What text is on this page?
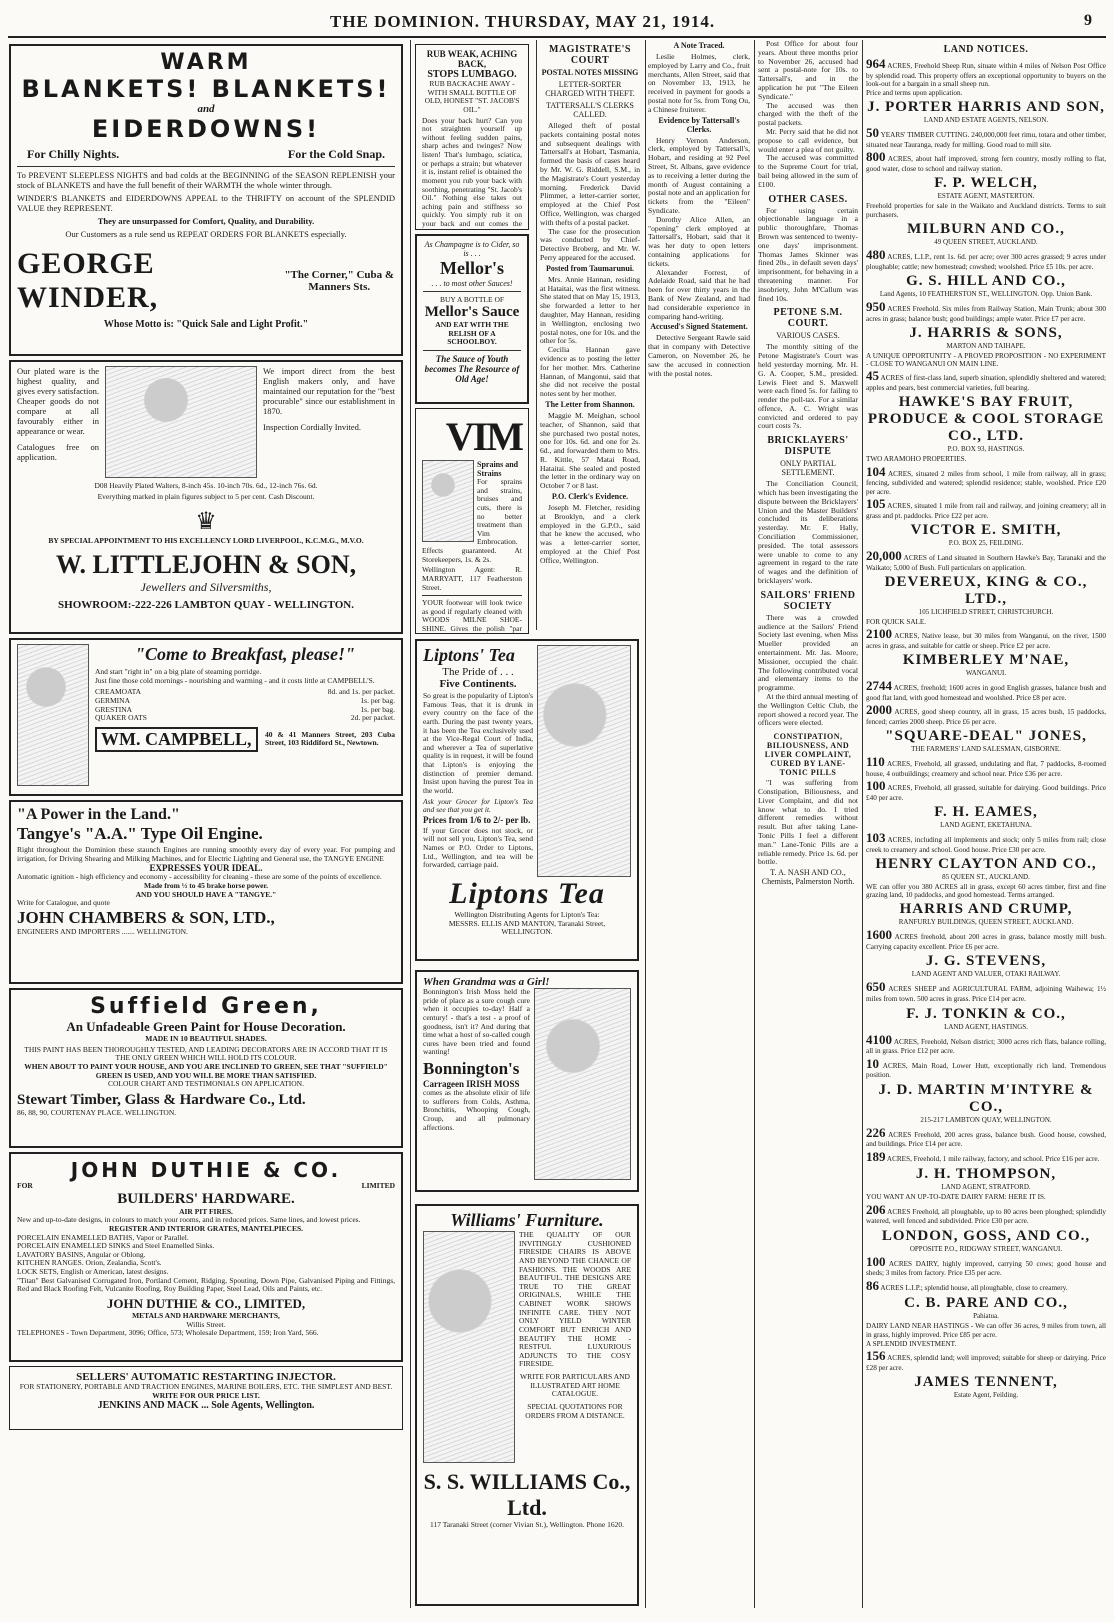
THE DOMINION. THURSDAY, MAY 21, 1914.	9
WARM
BLANKETS! BLANKETS!
and
EIDERDOWNS!
For Chilly Nights.	For the Cold Snap.
To PREVENT SLEEPLESS NIGHTS and bad colds at the BEGINNING of the SEASON REPLENISH your stock of BLANKETS and have the full benefit of their WARMTH the whole winter through.
WINDER'S BLANKETS and EIDERDOWNS APPEAL to the THRIFTY on account of the SPLENDID VALUE they REPRESENT.
They are unsurpassed for Comfort, Quality, and Durability.
Our Customers as a rule send us REPEAT ORDERS FOR BLANKETS especially.
GEORGE WINDER,
"The Corner," Cuba & Manners Sts.
Whose Motto is: "Quick Sale and Light Profit."
Our plated ware is the highest quality, and gives every satisfaction. Cheaper goods do not compare at all favourably either in appearance or wear.
Catalogues free on application.
We import direct from the best English makers only, and have maintained our reputation for the "best procurable" since our establishment in 1870.
Inspection Cordially Invited.
D08 Heavily Plated Walters, 8-inch 45s. 10-inch 70s. 6d., 12-inch 76s. 6d.
Everything marked in plain figures subject to 5 per cent. Cash Discount.
♛
BY SPECIAL APPOINTMENT TO HIS EXCELLENCY LORD LIVERPOOL, K.C.M.G., M.V.O.
W. LITTLEJOHN & SON,
Jewellers and Silversmiths,
SHOWROOM:-222-226 LAMBTON QUAY - WELLINGTON.
"Come to Breakfast, please!"
And start "right in" on a big plate of steaming porridge.
Just fine those cold mornings - nourishing and warming - and it costs little at CAMPBELL'S.
CREAMOATA	8d. and 1s. per packet.
GERMINA	1s. per bag.
GRESTINA	1s. per bag.
QUAKER OATS	2d. per packet.
WM. CAMPBELL,	40 & 41 Manners Street, 203 Cuba Street, 103 Riddiford St., Newtown.
"A Power in the Land."
Tangye's "A.A." Type Oil Engine.
Right throughout the Dominion these staunch Engines are running smoothly every day of every year. For pumping and irrigation, for Driving Shearing and Milking Machines, and for Electric Lighting and General use, the TANGYE ENGINE
EXPRESSES YOUR IDEAL.
Automatic ignition - high efficiency and economy - accessibility for cleaning - these are some of the points of excellence.
Made from ½ to 45 brake horse power.
AND YOU SHOULD HAVE A "TANGYE."
Write for Catalogue, and quote
JOHN CHAMBERS & SON, LTD.,
ENGINEERS AND IMPORTERS ....... WELLINGTON.
Suffield Green,
An Unfadeable Green Paint for House Decoration.
MADE IN 10 BEAUTIFUL SHADES.
THIS PAINT HAS BEEN THOROUGHLY TESTED, AND LEADING DECORATORS ARE IN ACCORD THAT IT IS THE ONLY GREEN WHICH WILL HOLD ITS COLOUR.
WHEN ABOUT TO PAINT YOUR HOUSE, AND YOU ARE INCLINED TO GREEN, SEE THAT "SUFFIELD" GREEN IS USED, AND YOU WILL BE MORE THAN SATISFIED.
COLOUR CHART AND TESTIMONIALS ON APPLICATION.
Stewart Timber, Glass & Hardware Co., Ltd.
86, 88, 90, COURTENAY PLACE. WELLINGTON.
JOHN DUTHIE & CO.
FOR	LIMITED
BUILDERS' HARDWARE.
AIR PIT FIRES.
New and up-to-date designs, in colours to match your rooms, and in reduced prices. Same lines, and lowest prices.
REGISTER AND INTERIOR GRATES, MANTELPIECES.
PORCELAIN ENAMELLED BATHS, Vapor or Parallel.
PORCELAIN ENAMELLED SINKS and Steel Enamelled Sinks.
LAVATORY BASINS, Angular or Oblong.
KITCHEN RANGES. Orion, Zealandia, Scott's.
LOCK SETS, English or American, latest designs.
"Titan" Best Galvanised Corrugated Iron, Portland Cement, Ridging, Spouting, Down Pipe, Galvanised Piping and Fittings, Red and Black Roofing Felt, Vulcanite Roofing, Roy Building Paper, Steel Lead, Oils and Paints, etc.
JOHN DUTHIE & CO., LIMITED,
METALS AND HARDWARE MERCHANTS,
Willis Street.
TELEPHONES - Town Department, 3096; Office, 573; Wholesale Department, 159; Iron Yard, 566.
SELLERS' AUTOMATIC RESTARTING INJECTOR.
FOR STATIONERY, PORTABLE AND TRACTION ENGINES, MARINE BOILERS, ETC. THE SIMPLEST AND BEST.
WRITE FOR OUR PRICE LIST.
JENKINS AND MACK ... Sole Agents, Wellington.
RUB WEAK, ACHING BACK,
STOPS LUMBAGO.
RUB BACKACHE AWAY - WITH SMALL BOTTLE OF OLD, HONEST "ST. JACOB'S OIL."
Does your back hurt? Can you not straighten yourself up without feeling sudden pains, sharp aches and twinges? Now listen! That's lumbago, sciatica, or perhaps a strain; but whatever it is, instant relief is obtained the moment you rub your back with soothing, penetrating "St. Jacob's Oil." Nothing else takes out aching pain and stiffness so quickly. You simply rub it on your back and out comes the
As Champagne is to Cider, so is . . .
Mellor's
. . . to most other Sauces!
BUY A BOTTLE OF
Mellor's Sauce
AND EAT WITH THE RELISH OF A SCHOOLBOY.
The Sauce of Youth becomes The Resource of Old Age!
VIM
Sprains and Strains
For sprains and strains, bruises and cuts, there is no better treatment than Vim Embrocation.
Effects guaranteed. At Storekeepers, 1s. & 2s.
Wellington Agent: R. MARRYATT, 117 Featherston Street.
YOUR footwear will look twice as good if regularly cleaned with WOODS MILNE SHOE-SHINE. Gives the polish "par
Liptons' Tea
The Pride of . . .
Five Continents.
So great is the popularity of Lipton's Famous Teas, that it is drunk in every country on the face of the earth. During the past twenty years, it has been the Tea exclusively used at the Vice-Regal Court of India, and wherever a Tea of superlative quality is in request, it will be found that Lipton's is enjoying the distinction of premier demand. Insist upon having the purest Tea in the world.
Ask your Grocer for Lipton's Tea and see that you get it.
Prices from 1/6 to 2/- per lb.
If your Grocer does not stock, or will not sell you, Lipton's Tea, send Names or P.O. Order to Liptons, Ltd., Wellington, and tea will be forwarded, carriage paid.
Liptons Tea
Wellington Distributing Agents for Lipton's Tea:
MESSRS. ELLIS AND MANTON, Taranaki Street, WELLINGTON.
When Grandma was a Girl!
Bonnington's Irish Moss held the pride of place as a sure cough cure when it occupies to-day! Half a century! - that's a test - a proof of goodness, isn't it? And during that time what a host of so-called cough cures have been tried and found wanting!
Bonnington's
Carrageen IRISH MOSS
comes as the absolute elixir of life to sufferers from Colds, Asthma, Bronchitis, Whooping Cough, Croup, and all pulmonary affections.
Williams' Furniture.
THE QUALITY OF OUR INVITINGLY CUSHIONED FIRESIDE CHAIRS IS ABOVE AND BEYOND THE CHANCE OF FASHIONS. THE WOODS ARE BEAUTIFUL. THE DESIGNS ARE TRUE TO THE GREAT ORIGINALS, WHILE THE CABINET WORK SHOWS INFINITE CARE. THEY NOT ONLY YIELD WINTER COMFORT BUT ENRICH AND BEAUTIFY THE HOME - RESTFUL LUXURIOUS ADJUNCTS TO THE COSY FIRESIDE.
WRITE FOR PARTICULARS AND ILLUSTRATED ART HOME CATALOGUE.
SPECIAL QUOTATIONS FOR ORDERS FROM A DISTANCE.
S. S. WILLIAMS Co., Ltd.
117 Taranaki Street (corner Vivian St.), Wellington. Phone 1620.
MAGISTRATE'S COURT
POSTAL NOTES MISSING
LETTER-SORTER CHARGED WITH THEFT.
TATTERSALL'S CLERKS CALLED.

Alleged theft of postal packets containing postal notes and subsequent dealings with Tattersall's at Hobart, Tasmania, formed the basis of cases heard by Mr. W. G. Riddell, S.M., in the Magistrate's Court yesterday morning. Frederick David Plimmer, a letter-carrier sorter, employed at the Chief Post Office, Wellington, was charged with thefts of a postal packet.

The case for the prosecution was conducted by Chief-Detective Broberg, and Mr. W. Perry appeared for the accused.

Posted from Taumarunui.

Mrs. Annie Hannan, residing at Hataitai, was the first witness. She stated that on May 15, 1913, she forwarded a letter to her daughter, May Hannan, residing in Wellington, enclosing two postal notes, one for 10s. and the other for 5s.

Cecilia Hannan gave evidence as to posting the letter for her mother. Mrs. Catherine Hannan, of Mangonui, said that she did not receive the postal notes sent by her mother.

The Letter from Shannon.

Maggie M. Meighan, school teacher, of Shannon, said that she purchased two postal notes, one for 10s. 6d. and one for 2s. 6d., and forwarded them to Mrs. R. Kittle, 57 Matai Road, Hataitai. She sealed and posted the letter in the ordinary way on October 7 or 8 last.

P.O. Clerk's Evidence.

Joseph M. Fletcher, residing at Brooklyn, and a clerk employed in the G.P.O., said that he knew the accused, who was a letter-carrier sorter, employed at the Chief Post Office, Wellington.

A Note Traced.

Leslie Holmes, clerk, employed by Larry and Co., fruit merchants, Allen Street, said that on November 13, 1913, he received in payment for goods a postal note for 5s. from Tong Ou, a Chinese fruiterer.

Evidence by Tattersall's Clerks.

Henry Vernon Anderson, clerk, employed by Tattersall's, Hobart, and residing at 92 Peel Street, St. Albans, gave evidence as to receiving a letter during the month of August containing a postal note and an application for tickets from the "Eileen" Syndicate.

Dorothy Alice Allen, an "opening" clerk employed at Tattersall's, Hobart, said that it was her duty to open letters containing applications for tickets.

Alexander Forrest, of Adelaide Road, said that he had been for over thirty years in the Bank of New Zealand, and had had considerable experience in comparing hand-writing.

Accused's Signed Statement.

Detective Sergeant Rawle said that in company with Detective Cameron, on November 26, he saw the accused in connection with the postal notes.

Post Office for about four years. About three months prior to November 26, accused had sent a postal-note for 10s. to Tattersall's, and in the application he put "The Eileen Syndicate."

The accused was then charged with the theft of the postal packets.

Mr. Perry said that he did not propose to call evidence, but would enter a plea of not guilty.

The accused was committed to the Supreme Court for trial, bail being allowed in the sum of £100.

OTHER CASES.

For using certain objectionable language in a public thoroughfare, Thomas Brown was sentenced to twenty-one days' imprisonment. Thomas James Skinner was fined 20s., in default seven days' imprisonment, for behaving in a threatening manner. For insobriety, John M'Callum was fined 10s.

PETONE S.M. COURT.
VARIOUS CASES.

The monthly sitting of the Petone Magistrate's Court was held yesterday morning. Mr. H. G. A. Cooper, S.M., presided. Lewis Fleet and S. Maxwell were each fined 5s. for failing to render the poll-tax. For a similar offence, A. C. Wright was convicted and ordered to pay court costs 7s.

BRICKLAYERS' DISPUTE
ONLY PARTIAL SETTLEMENT.

The Conciliation Council, which has been investigating the dispute between the Bricklayers' Union and the Master Builders' concluded its deliberations yesterday. Mr. F. Hally, Conciliation Commissioner, presided. The total assessors were unable to come to any agreement in regard to the rate of wages and the definition of bricklayers' work.

SAILORS' FRIEND SOCIETY

There was a crowded audience at the Sailors' Friend Society last evening, when Miss Mueller provided an entertainment. Mr. Jas. Moore, Missioner, occupied the chair. The following contributed vocal and elementary items to the programme.

At the third annual meeting of the Wellington Celtic Club, the report showed a record year. The officers were elected.

CONSTIPATION, BILIOUSNESS, AND LIVER COMPLAINT, CURED BY LANE-TONIC PILLS

"I was suffering from Constipation, Biliousness, and Liver Complaint, and did not know what to do. I tried different remedies without result. But after taking Lane-Tonic Pills I feel a different man." Lane-Tonic Pills are a reliable remedy. Price 1s. 6d. per bottle.

T. A. NASH AND CO., Chemists, Palmerston North.
LAND NOTICES.
964 ACRES, Freehold Sheep Run, situate within 4 miles of Nelson Post Office by splendid road. This property offers an exceptional opportunity to buyers on the look-out for a bargain in a small sheep run.
Price and terms upon application.
J. PORTER HARRIS AND SON,
LAND AND ESTATE AGENTS, NELSON.
50 YEARS' TIMBER CUTTING. 240,000,000 feet rimu, totara and other timber, situated near Tauranga, ready for milling. Good road to mill site.
800 ACRES, about half improved, strong fern country, mostly rolling to flat, good water, close to school and railway station.
F. P. WELCH,
ESTATE AGENT, MASTERTON.
Freehold properties for sale in the Waikato and Auckland districts. Terms to suit purchasers.
MILBURN AND CO.,
49 QUEEN STREET, AUCKLAND.
480 ACRES, L.I.P., rent 1s. 6d. per acre; over 300 acres grassed; 9 acres under ploughable; cattle; new homestead; cowshed; woolshed. Price £5 10s. per acre.
G. S. HILL AND CO.,
Land Agents, 10 FEATHERSTON ST., WELLINGTON. Opp. Union Bank.
950 ACRES Freehold. Six miles from Railway Station, Main Trunk; about 300 acres in grass; balance bush; good buildings; ample water. Price £7 per acre.
J. HARRIS & SONS,
MARTON AND TAIHAPE.
A UNIQUE OPPORTUNITY - A PROVED PROPOSITION - NO EXPERIMENT - CLOSE TO WANGANUI ON MAIN LINE.
45 ACRES of first-class land, superb situation, splendidly sheltered and watered; apples and pears, best commercial varieties, full bearing.
HAWKE'S BAY FRUIT, PRODUCE & COOL STORAGE CO., LTD.
P.O. BOX 93, HASTINGS.
TWO ARAMOHO PROPERTIES.
104 ACRES, situated 2 miles from school, 1 mile from railway, all in grass; fencing, subdivided and watered; splendid residence; stable, woolshed. Price £20 per acre.
105 ACRES, situated 1 mile from rail and railway, and joining creamery; all in grass and pt. paddocks. Price £22 per acre.
VICTOR E. SMITH,
P.O. BOX 25, FEILDING.
20,000 ACRES of Land situated in Southern Hawke's Bay, Taranaki and the Waikato; 5,000 of Bush. Full particulars on application.
DEVEREUX, KING & CO., LTD.,
105 LICHFIELD STREET, CHRISTCHURCH.
FOR QUICK SALE.
2100 ACRES, Native lease, but 30 miles from Wanganui, on the river, 1500 acres in grass, and suitable for cattle or sheep. Price £2 per acre.
KIMBERLEY M'NAE,
WANGANUI.
2744 ACRES, freehold; 1600 acres in good English grasses, balance bush and good flat land, with good homestead and woolshed. Price £8 per acre.
2000 ACRES, good sheep country, all in grass, 15 acres bush, 15 paddocks, fenced; carries 2000 sheep. Price £6 per acre.
"SQUARE-DEAL" JONES,
THE FARMERS' LAND SALESMAN, GISBORNE.
110 ACRES, Freehold, all grassed, undulating and flat, 7 paddocks, 8-roomed house, 4 outbuildings; creamery and school near. Price £36 per acre.
100 ACRES, Freehold, all grassed, suitable for dairying. Good buildings. Price £40 per acre.
F. H. EAMES,
LAND AGENT, EKETAHUNA.
103 ACRES, including all implements and stock; only 5 miles from rail; close creek to creamery and school. Good house. Price £30 per acre.
HENRY CLAYTON AND CO.,
85 QUEEN ST., AUCKLAND.
WE can offer you 380 ACRES all in grass, except 60 acres timber, first and fine grazing land, 10 paddocks, and good homestead. Terms arranged.
HARRIS AND CRUMP,
RANFURLY BUILDINGS, QUEEN STREET, AUCKLAND.
1600 ACRES freehold, about 200 acres in grass, balance mostly mill bush. Carrying capacity excellent. Price £6 per acre.
J. G. STEVENS,
LAND AGENT AND VALUER, OTAKI RAILWAY.
650 ACRES SHEEP and AGRICULTURAL FARM, adjoining Waihewa; 1½ miles from town. 500 acres in grass. Price £14 per acre.
F. J. TONKIN & CO.,
LAND AGENT, HASTINGS.
4100 ACRES, Freehold, Nelson district; 3000 acres rich flats, balance rolling, all in grass. Price £12 per acre.
10 ACRES, Main Road, Lower Hutt, exceptionally rich land. Tremendous position.
J. D. MARTIN M'INTYRE & CO.,
215-217 LAMBTON QUAY, WELLINGTON.
226 ACRES Freehold, 200 acres grass, balance bush. Good house, cowshed, and buildings. Price £14 per acre.
189 ACRES, Freehold, 1 mile railway, factory, and school. Price £16 per acre.
J. H. THOMPSON,
LAND AGENT, STRATFORD.
YOU WANT AN UP-TO-DATE DAIRY FARM: HERE IT IS.
206 ACRES Freehold, all ploughable, up to 80 acres been ploughed; splendidly watered, well fenced and subdivided. Price £30 per acre.
LONDON, GOSS, AND CO.,
OPPOSITE P.O., RIDGWAY STREET, WANGANUI.
100 ACRES DAIRY, highly improved, carrying 50 cows; good house and sheds; 3 miles from factory. Price £35 per acre.
86 ACRES L.I.P.; splendid house, all ploughable, close to creamery.
C. B. PARE AND CO.,
Pahiatua.
DAIRY LAND NEAR HASTINGS - We can offer 36 acres, 9 miles from town, all in grass, highly improved. Price £85 per acre.
A SPLENDID INVESTMENT.
156 ACRES, splendid land; well improved; suitable for sheep or dairying. Price £28 per acre.
JAMES TENNENT,
Estate Agent, Feilding.
